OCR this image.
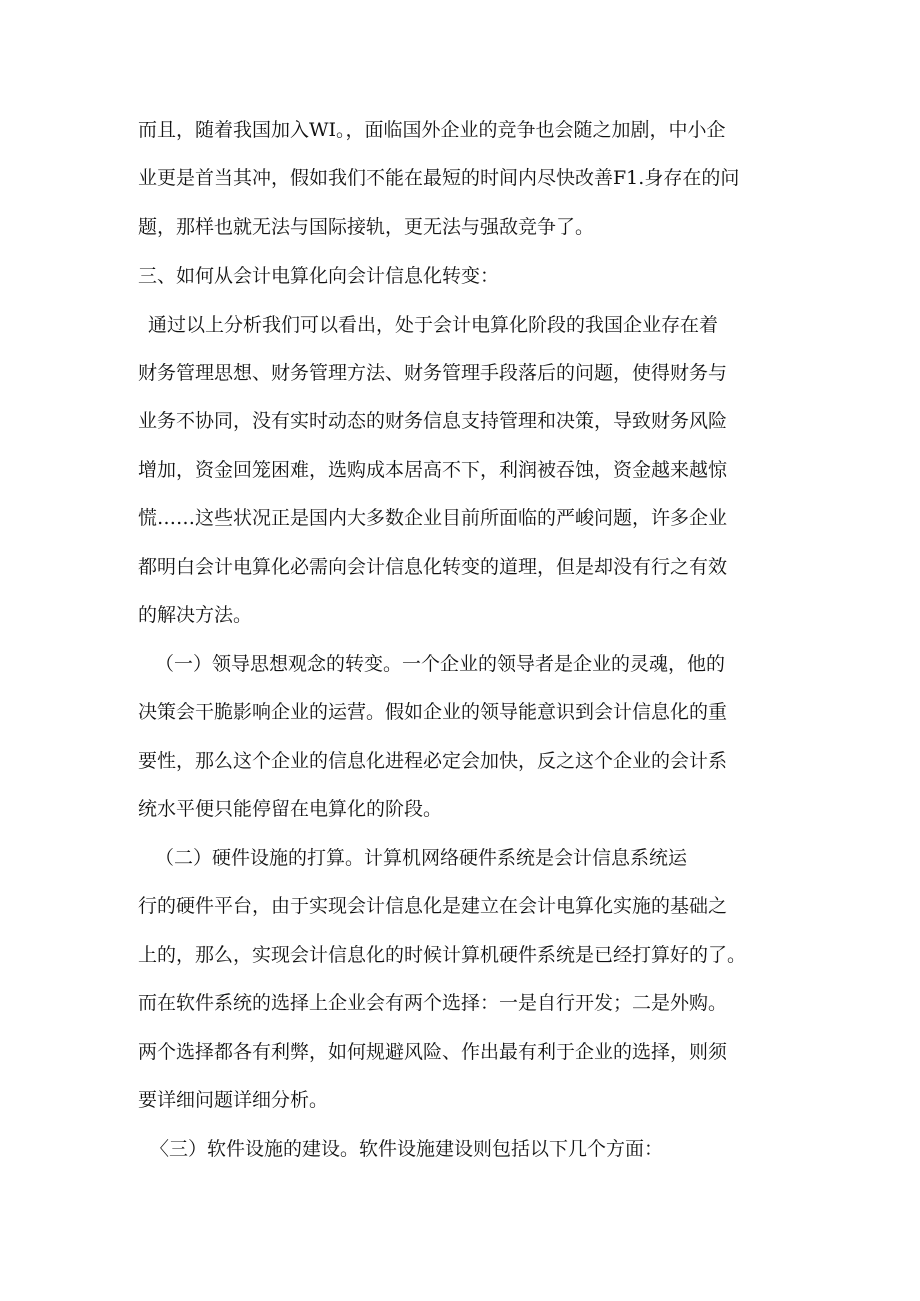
而且，随着我国加入WI。，面临国外企业的竞争也会随之加剧，中小企
业更是首当其冲，假如我们不能在最短的时间内尽快改善F1.身存在的问
题，那样也就无法与国际接轨，更无法与强敌竞争了。
三、如何从会计电算化向会计信息化转变：
通过以上分析我们可以看出，处于会计电算化阶段的我国企业存在着
财务管理思想、财务管理方法、财务管理手段落后的问题，使得财务与
业务不协同，没有实时动态的财务信息支持管理和决策，导致财务风险
增加，资金回笼困难，选购成本居高不下，利润被吞蚀，资金越来越惊
慌……这些状况正是国内大多数企业目前所面临的严峻问题，许多企业
都明白会计电算化必需向会计信息化转变的道理，但是却没有行之有效
的解决方法。
（一）领导思想观念的转变。一个企业的领导者是企业的灵魂，他的
决策会干脆影响企业的运营。假如企业的领导能意识到会计信息化的重
要性，那么这个企业的信息化进程必定会加快，反之这个企业的会计系
统水平便只能停留在电算化的阶段。
（二）硬件设施的打算。计算机网络硬件系统是会计信息系统运
行的硬件平台，由于实现会计信息化是建立在会计电算化实施的基础之
上的，那么，实现会计信息化的时候计算机硬件系统是已经打算好的了。
而在软件系统的选择上企业会有两个选择：一是自行开发；二是外购。
两个选择都各有利弊，如何规避风险、作出最有利于企业的选择，则须
要详细问题详细分析。
〈三）软件设施的建设。软件设施建设则包括以下几个方面：
